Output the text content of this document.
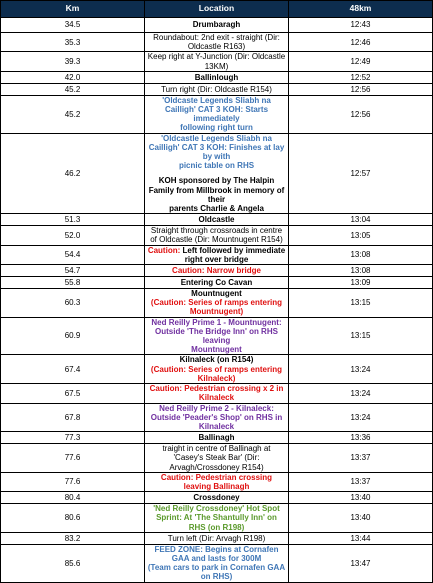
Km	Location	48km
34.5	Drumbaragh	12:43
35.3	Roundabout: 2nd exit - straight (Dir: Oldcastle R163)	12:46
39.3	Keep right at Y-Junction (Dir: Oldcastle 13KM)	12:49
42.0	Ballinlough	12:52
45.2	Turn right (Dir: Oldcastle R154)	12:56
45.2	'Oldcaste Legends Sliabh na Cailligh' CAT 3 KOH: Starts immediately
following right turn	12:56
46.2	'Oldcastle Legends Sliabh na Cailligh' CAT 3 KOH: Finishes at lay by with
picnic table on RHS
KOH sponsored by The Halpin Family from Millbrook in memory of their
parents Charlie & Angela	12:57
51.3	Oldcastle	13:04
52.0	Straight through crossroads in centre of Oldcastle (Dir: Mountnugent R154)	13:05
54.4	Caution: Left followed by immediate right over bridge	13:08
54.7	Caution: Narrow bridge	13:08
55.8	Entering Co Cavan	13:09
60.3	Mountnugent
(Caution: Series of ramps entering Mountnugent)	13:15
60.9	Ned Reilly Prime 1 - Mountnugent: Outside 'The Bridge Inn' on RHS leaving
Mountnugent	13:15
67.4	Kilnaleck (on R154)
(Caution: Series of ramps entering Kilnaleck)	13:24
67.5	Caution: Pedestrian crossing x 2 in Kilnaleck	13:24
67.8	Ned Reilly Prime 2 - Kilnaleck: Outside 'Peader's Shop' on RHS in Kilnaleck	13:24
77.3	Ballinagh	13:36
77.6	traight in centre of Ballinagh at 'Casey's Steak Bar' (Dir: Arvagh/Crossdoney R154)	13:37
77.6	Caution: Pedestrian crossing leaving Ballinagh	13:37
80.4	Crossdoney	13:40
80.6	'Ned Reilly Crossdoney' Hot Spot Sprint: At 'The Shantully Inn' on RHS (on R198)	13:40
83.2	Turn left (Dir: Arvagh R198)	13:44
85.6	FEED ZONE: Begins at Cornafen GAA and lasts for 300M
(Team cars to park in Cornafen GAA on RHS)	13:47
